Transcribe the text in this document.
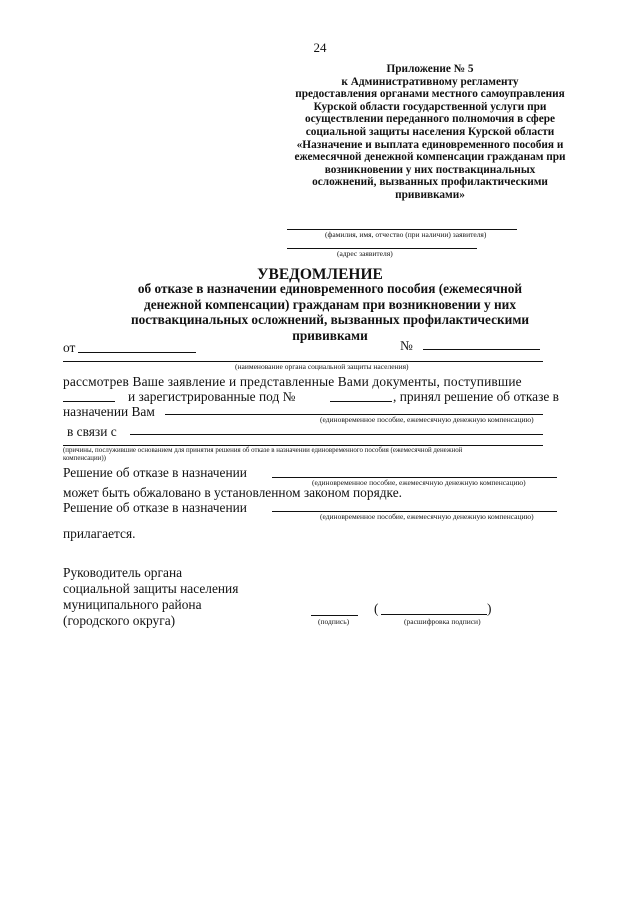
24
Приложение № 5
к Административному регламенту
предоставления органами местного самоуправления
Курской области государственной услуги при
осуществлении переданного полномочия в сфере
социальной защиты населения Курской области
«Назначение и выплата единовременного пособия и
ежемесячной денежной компенсации гражданам при
возникновении у них поствакцинальных
осложнений, вызванных профилактическими
прививками»
(фамилия, имя, отчество (при наличии) заявителя)
(адрес заявителя)
УВЕДОМЛЕНИЕ
об отказе в назначении единовременного пособия (ежемесячной
денежной компенсации) гражданам при возникновении у них
поствакцинальных осложнений, вызванных профилактическими
прививками
от	№
(наименование органа социальной защиты населения)
рассмотрев Ваше заявление и представленные Вами документы, поступившие
и зарегистрированные под №	, принял решение об отказе в
назначении Вам
(единовременное пособие, ежемесячную денежную компенсацию)
в связи с
(причины, послужившие основанием для принятия решения об отказе в назначении единовременного пособия (ежемесячной денежной
компенсации))
Решение об отказе в назначении
(единовременное пособие, ежемесячную денежную компенсацию)
может быть обжаловано в установленном законом порядке.
Решение об отказе в назначении
(единовременное пособие, ежемесячную денежную компенсацию)
прилагается.
Руководитель органа
социальной защиты населения
муниципального района
(городского округа)	(подпись)
(	)
(расшифровка подписи)
